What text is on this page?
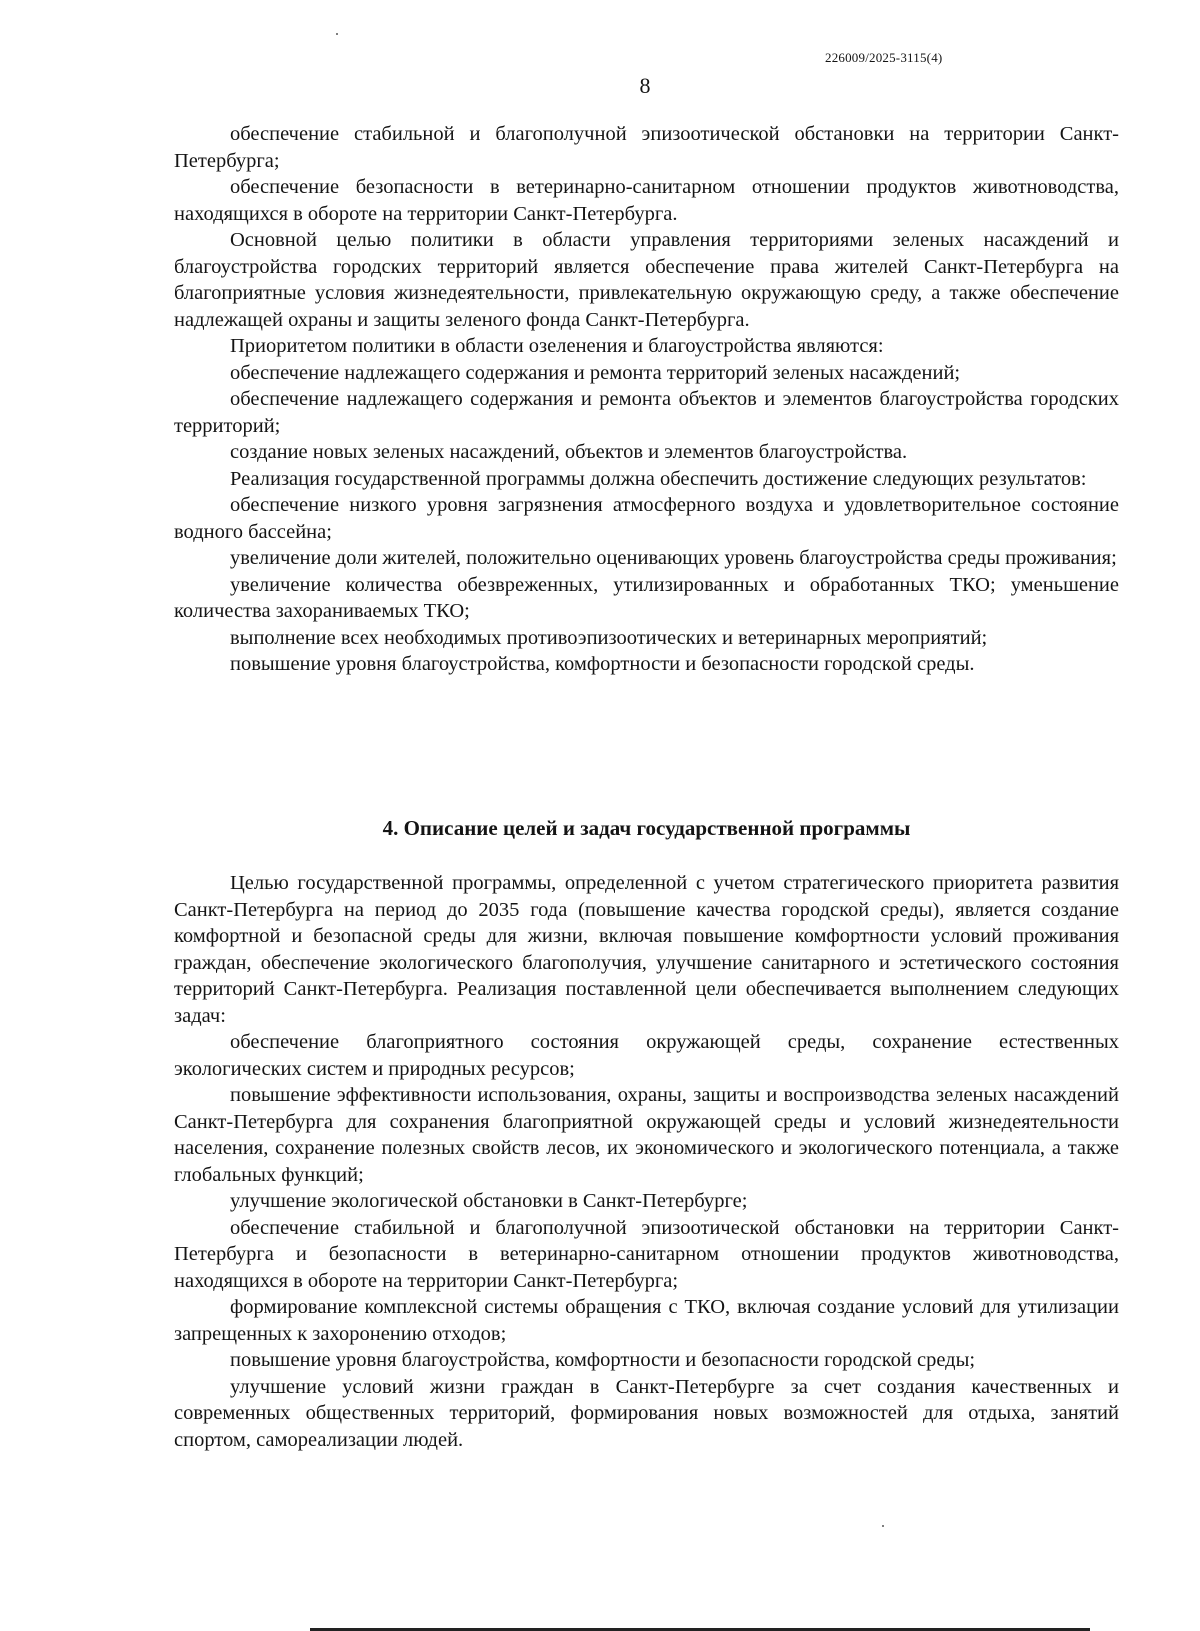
226009/2025-3115(4)
8

обеспечение стабильной и благополучной эпизоотической обстановки на территории Санкт-Петербурга;

обеспечение безопасности в ветеринарно-санитарном отношении продуктов животноводства, находящихся в обороте на территории Санкт-Петербурга.

Основной целью политики в области управления территориями зеленых насаждений и благоустройства городских территорий является обеспечение права жителей Санкт-Петербурга на благоприятные условия жизнедеятельности, привлекательную окружающую среду, а также обеспечение надлежащей охраны и защиты зеленого фонда Санкт-Петербурга.

Приоритетом политики в области озеленения и благоустройства являются:

обеспечение надлежащего содержания и ремонта территорий зеленых насаждений;

обеспечение надлежащего содержания и ремонта объектов и элементов благоустройства городских территорий;

создание новых зеленых насаждений, объектов и элементов благоустройства.

Реализация государственной программы должна обеспечить достижение следующих результатов:

обеспечение низкого уровня загрязнения атмосферного воздуха и удовлетворительное состояние водного бассейна;

увеличение доли жителей, положительно оценивающих уровень благоустройства среды проживания;

увеличение количества обезвреженных, утилизированных и обработанных ТКО; уменьшение количества захораниваемых ТКО;

выполнение всех необходимых противоэпизоотических и ветеринарных мероприятий;

повышение уровня благоустройства, комфортности и безопасности городской среды.

4. Описание целей и задач государственной программы

Целью государственной программы, определенной с учетом стратегического приоритета развития Санкт-Петербурга на период до 2035 года (повышение качества городской среды), является создание комфортной и безопасной среды для жизни, включая повышение комфортности условий проживания граждан, обеспечение экологического благополучия, улучшение санитарного и эстетического состояния территорий Санкт-Петербурга. Реализация поставленной цели обеспечивается выполнением следующих задач:

обеспечение благоприятного состояния окружающей среды, сохранение естественных экологических систем и природных ресурсов;

повышение эффективности использования, охраны, защиты и воспроизводства зеленых насаждений Санкт-Петербурга для сохранения благоприятной окружающей среды и условий жизнедеятельности населения, сохранение полезных свойств лесов, их экономического и экологического потенциала, а также глобальных функций;

улучшение экологической обстановки в Санкт-Петербурге;

обеспечение стабильной и благополучной эпизоотической обстановки на территории Санкт-Петербурга и безопасности в ветеринарно-санитарном отношении продуктов животноводства, находящихся в обороте на территории Санкт-Петербурга;

формирование комплексной системы обращения с ТКО, включая создание условий для утилизации запрещенных к захоронению отходов;

повышение уровня благоустройства, комфортности и безопасности городской среды;

улучшение условий жизни граждан в Санкт-Петербурге за счет создания качественных и современных общественных территорий, формирования новых возможностей для отдыха, занятий спортом, самореализации людей.
